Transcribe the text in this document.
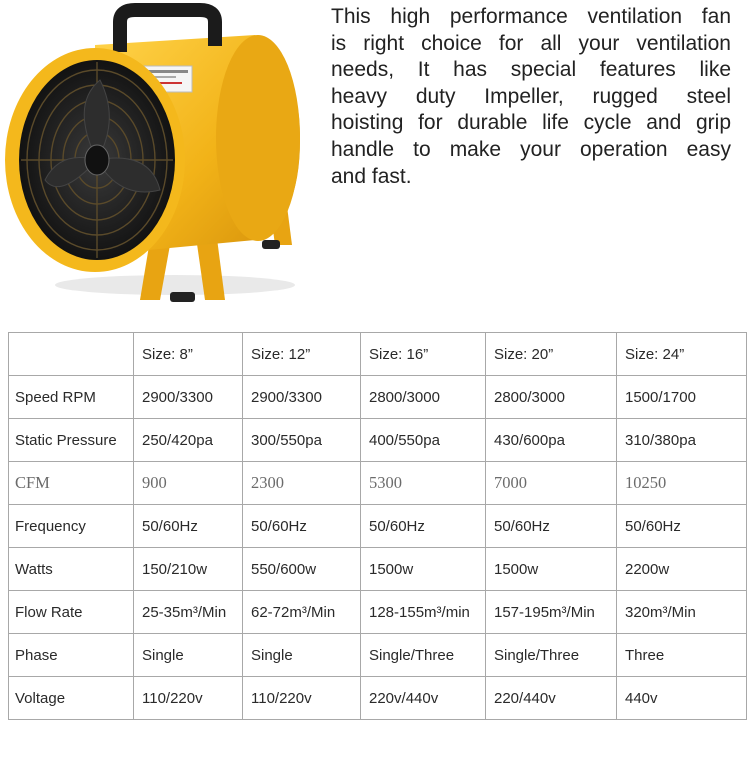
This high performance ventilation fan
is right choice for all your ventilation
needs, It has special features like
heavy duty Impeller, rugged steel
hoisting for durable life cycle and grip
handle to make your operation easy
and fast.

	Size: 8”	Size: 12”	Size: 16”	Size: 20”	Size: 24”
Speed RPM	2900/3300	2900/3300	2800/3000	2800/3000	1500/1700
Static Pressure	250/420pa	300/550pa	400/550pa	430/600pa	310/380pa
CFM	900	2300	5300	7000	10250
Frequency	50/60Hz	50/60Hz	50/60Hz	50/60Hz	50/60Hz
Watts	150/210w	550/600w	1500w	1500w	2200w
Flow Rate	25-35m³/Min	62-72m³/Min	128-155m³/min	157-195m³/Min	320m³/Min
Phase	Single	Single	Single/Three	Single/Three	Three
Voltage	110/220v	110/220v	220v/440v	220/440v	440v
